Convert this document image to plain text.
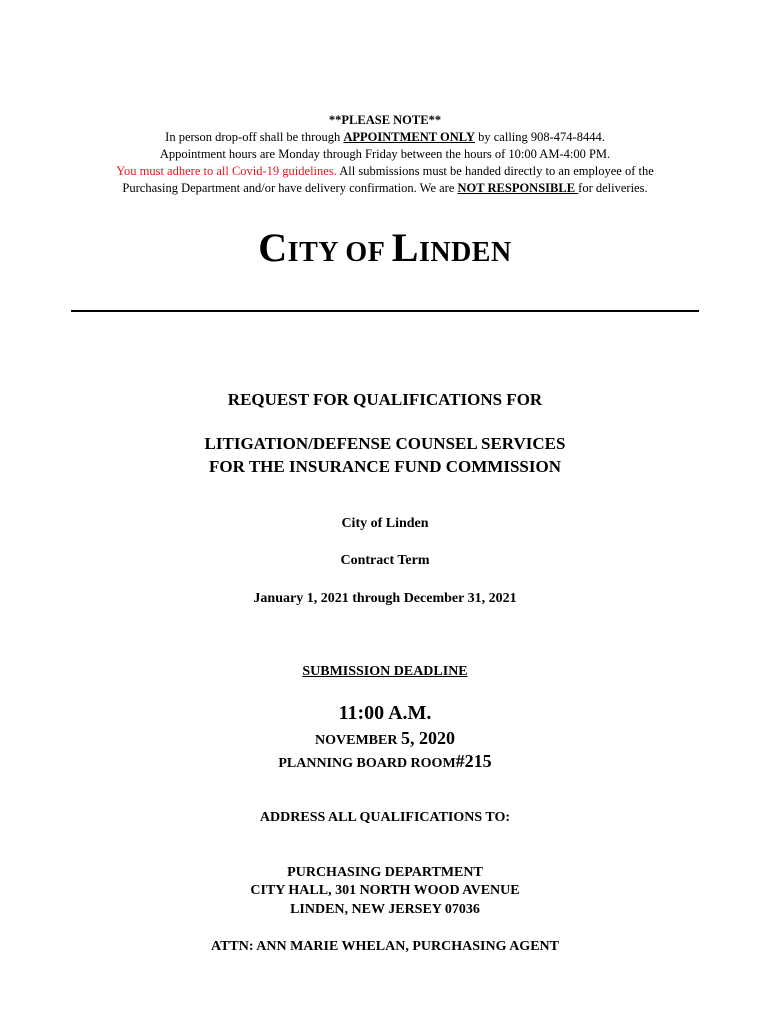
**PLEASE NOTE**
In person drop-off shall be through APPOINTMENT ONLY by calling 908-474-8444.
Appointment hours are Monday through Friday between the hours of 10:00 AM-4:00 PM.
You must adhere to all Covid-19 guidelines. All submissions must be handed directly to an employee of the
Purchasing Department and/or have delivery confirmation. We are NOT RESPONSIBLE for deliveries.
CITY OF LINDEN
REQUEST FOR QUALIFICATIONS FOR
LITIGATION/DEFENSE COUNSEL SERVICES
FOR THE INSURANCE FUND COMMISSION
City of Linden
Contract Term
January 1, 2021 through December 31, 2021
SUBMISSION DEADLINE
11:00 A.M.
NOVEMBER 5, 2020
PLANNING BOARD ROOM#215
ADDRESS ALL QUALIFICATIONS TO:
PURCHASING DEPARTMENT
CITY HALL, 301 NORTH WOOD AVENUE
LINDEN, NEW JERSEY 07036
ATTN: ANN MARIE WHELAN, PURCHASING AGENT
